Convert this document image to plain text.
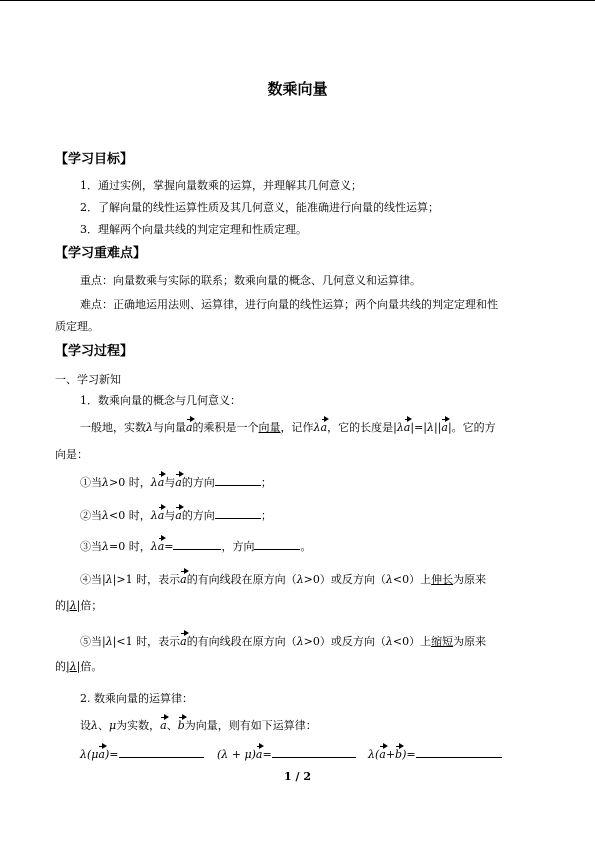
数乘向量
【学习目标】
1．通过实例，掌握向量数乘的运算，并理解其几何意义；
2．了解向量的线性运算性质及其几何意义，能准确进行向量的线性运算；
3．理解两个向量共线的判定定理和性质定理。
【学习重难点】
重点：向量数乘与实际的联系；数乘向量的概念、几何意义和运算律。
难点：正确地运用法则、运算律，进行向量的线性运算；两个向量共线的判定定理和性
质定理。
【学习过程】
一、学习新知
1．数乘向量的概念与几何意义：
一般地，实数λ与向量a的乘积是一个向量，记作λa，它的长度是|λa|=|λ||a|。它的方
向是：
①当λ>0 时，λa与a的方向	；
②当λ<0 时，λa与a的方向	；
③当λ=0 时，λa=	，方向	。
④当|λ|>1 时，表示a的有向线段在原方向（λ>0）或反方向（λ<0）上伸长为原来
的|λ|倍；
⑤当|λ|<1 时，表示a的有向线段在原方向（λ>0）或反方向（λ<0）上缩短为原来
的|λ|倍。
2. 数乘向量的运算律：
设λ、μ为实数，a、b为向量，则有如下运算律：
λ(μa)=	(λ + μ)a=	λ(a+b)=
1 / 2
